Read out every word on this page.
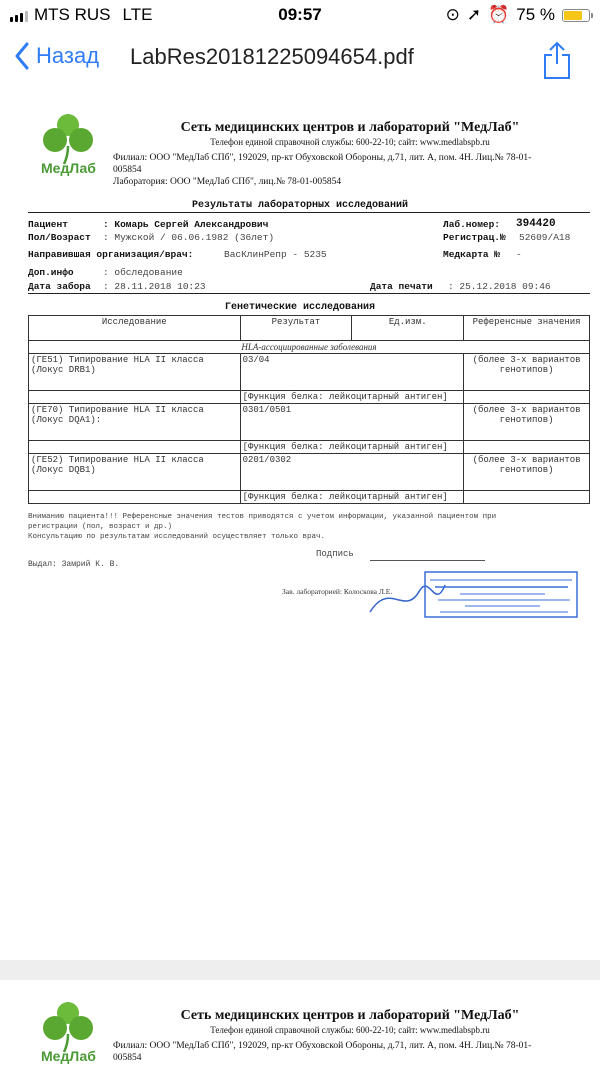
MTS RUS LTE	09:57	⊙ ➚ ⏰ 75 %
Назад LabRes20181225094654.pdf
МедЛаб
Сеть медицинских центров и лабораторий "МедЛаб"
Телефон единой справочной службы: 600-22-10; сайт: www.medlabspb.ru
Филиал: ООО "МедЛаб СПб", 192029, пр-кт Обуховской Обороны, д.71, лит. А, пом. 4Н. Лиц.№ 78-01-
005854
Лаборатория: ООО "МедЛаб СПб", лиц.№ 78-01-005854
Результаты лабораторных исследований
Пациент	: Комарь Сергей Александрович	Лаб.номер: 394420
Пол/Возраст : Мужской / 06.06.1982 (36лет)	Регистрац.№ 52609/A18
Направившая организация/врач:	ВасКлинРепр - 5235	Медкарта № -
Доп.инфо	: обследование
Дата забора : 28.11.2018 10:23	Дата печати : 25.12.2018 09:46
Генетические исследования
Исследование	Результат	Ед.изм.	Референсные значения
HLA-ассоциированные заболевания			
(ГЕ51) Типирование HLA II класса
(Локус DRB1)	03/04		(более 3-х вариантов генотипов)
	[Функция белка: лейкоцитарный антиген]		
(ГЕ70) Типирование HLA II класса
(Локус DQA1):	0301/0501		(более 3-х вариантов генотипов)
	[Функция белка: лейкоцитарный антиген]		
(ГЕ52) Типирование HLA II класса
(Локус DQB1)	0201/0302		(более 3-х вариантов генотипов)
	[Функция белка: лейкоцитарный антиген]		
Вниманию пациента!!! Референсные значения тестов приводятся с учетом информации, указанной пациентом при
регистрации (пол, возраст и др.)
Консультацию по результатам исследований осуществляет только врач.
Подпись
Выдал: Замрий К. В.
Зав. лабораторией: Колоскова Л.Е.
МедЛаб
Сеть медицинских центров и лабораторий "МедЛаб"
Телефон единой справочной службы: 600-22-10; сайт: www.medlabspb.ru
Филиал: ООО "МедЛаб СПб", 192029, пр-кт Обуховской Обороны, д.71, лит. А, пом. 4Н. Лиц.№ 78-01-
005854
